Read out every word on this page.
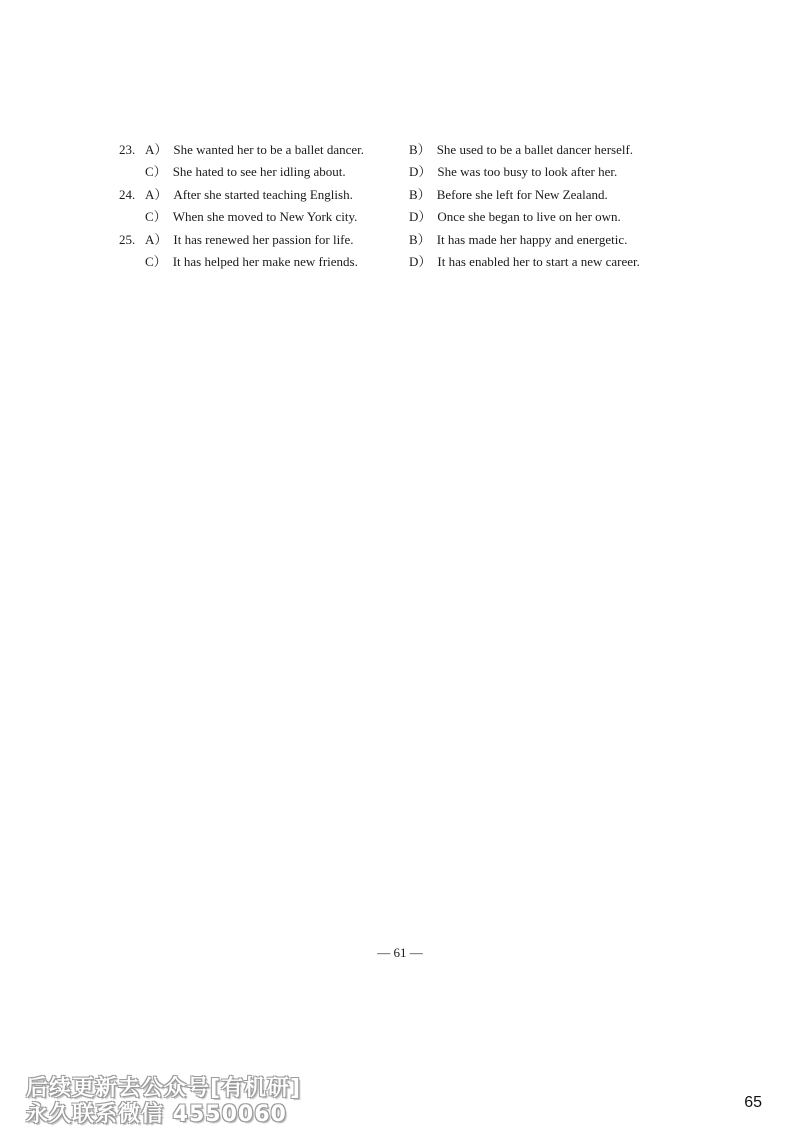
23. A） She wanted her to be a ballet dancer.	B） She used to be a ballet dancer herself.
C） She hated to see her idling about.	D） She was too busy to look after her.
24. A） After she started teaching English.	B） Before she left for New Zealand.
C） When she moved to New York city.	D） Once she began to live on her own.
25. A） It has renewed her passion for life.	B） It has made her happy and energetic.
C） It has helped her make new friends.	D） It has enabled her to start a new career.
— 61 —
后续更新去公众号[有机研]
永久联系微信 4550060	65
